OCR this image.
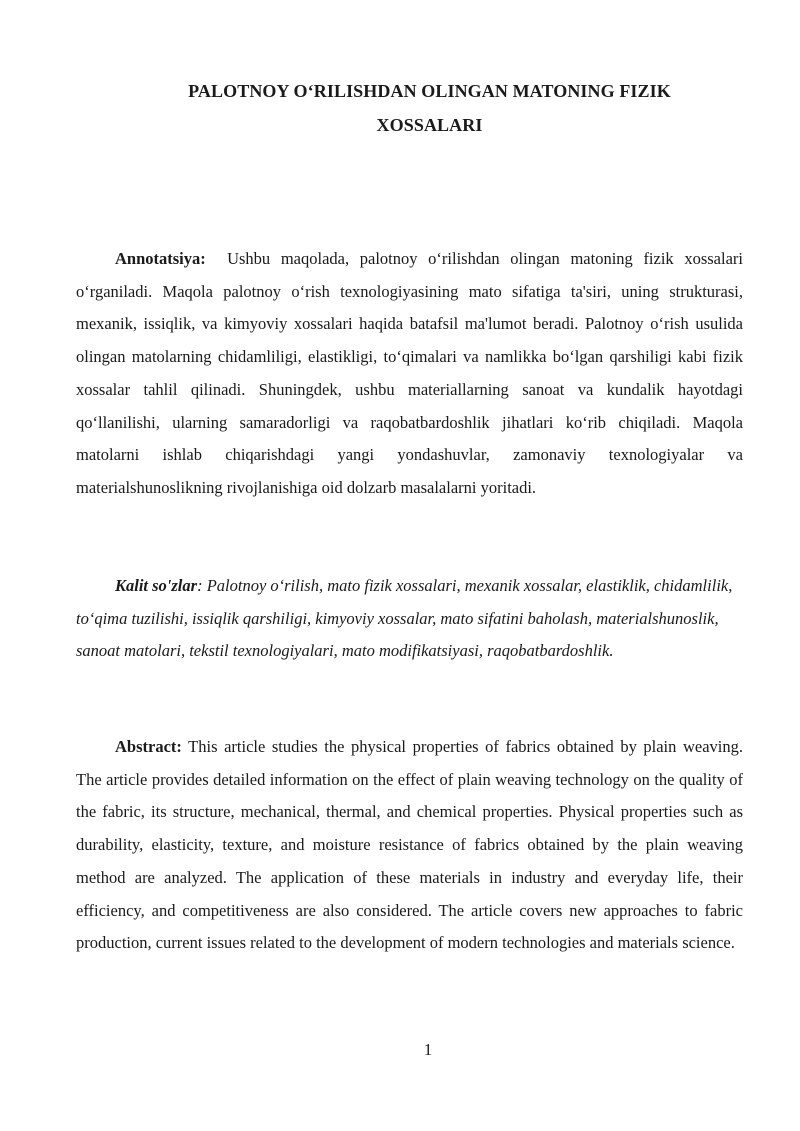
PALOTNOY O‘RILISHDAN OLINGAN MATONING FIZIK
XOSSALARI

Annotatsiya:  Ushbu maqolada, palotnoy o‘rilishdan olingan matoning fizik xossalari o‘rganiladi. Maqola palotnoy o‘rish texnologiyasining mato sifatiga ta'siri, uning strukturasi, mexanik, issiqlik, va kimyoviy xossalari haqida batafsil ma'lumot beradi. Palotnoy o‘rish usulida olingan matolarning chidamliligi, elastikligi, to‘qimalari va namlikka bo‘lgan qarshiligi kabi fizik xossalar tahlil qilinadi. Shuningdek, ushbu materiallarning sanoat va kundalik hayotdagi qo‘llanilishi, ularning samaradorligi va raqobatbardoshlik jihatlari ko‘rib chiqiladi. Maqola matolarni ishlab chiqarishdagi yangi yondashuvlar, zamonaviy texnologiyalar va materialshunoslikning rivojlanishiga oid dolzarb masalalarni yoritadi.

Kalit so'zlar: Palotnoy o‘rilish, mato fizik xossalari, mexanik xossalar, elastiklik, chidamlilik, to‘qima tuzilishi, issiqlik qarshiligi, kimyoviy xossalar, mato sifatini baholash, materialshunoslik, sanoat matolari, tekstil texnologiyalari, mato modifikatsiyasi, raqobatbardoshlik.

Abstract: This article studies the physical properties of fabrics obtained by plain weaving. The article provides detailed information on the effect of plain weaving technology on the quality of the fabric, its structure, mechanical, thermal, and chemical properties. Physical properties such as durability, elasticity, texture, and moisture resistance of fabrics obtained by the plain weaving method are analyzed. The application of these materials in industry and everyday life, their efficiency, and competitiveness are also considered. The article covers new approaches to fabric production, current issues related to the development of modern technologies and materials science.

1
